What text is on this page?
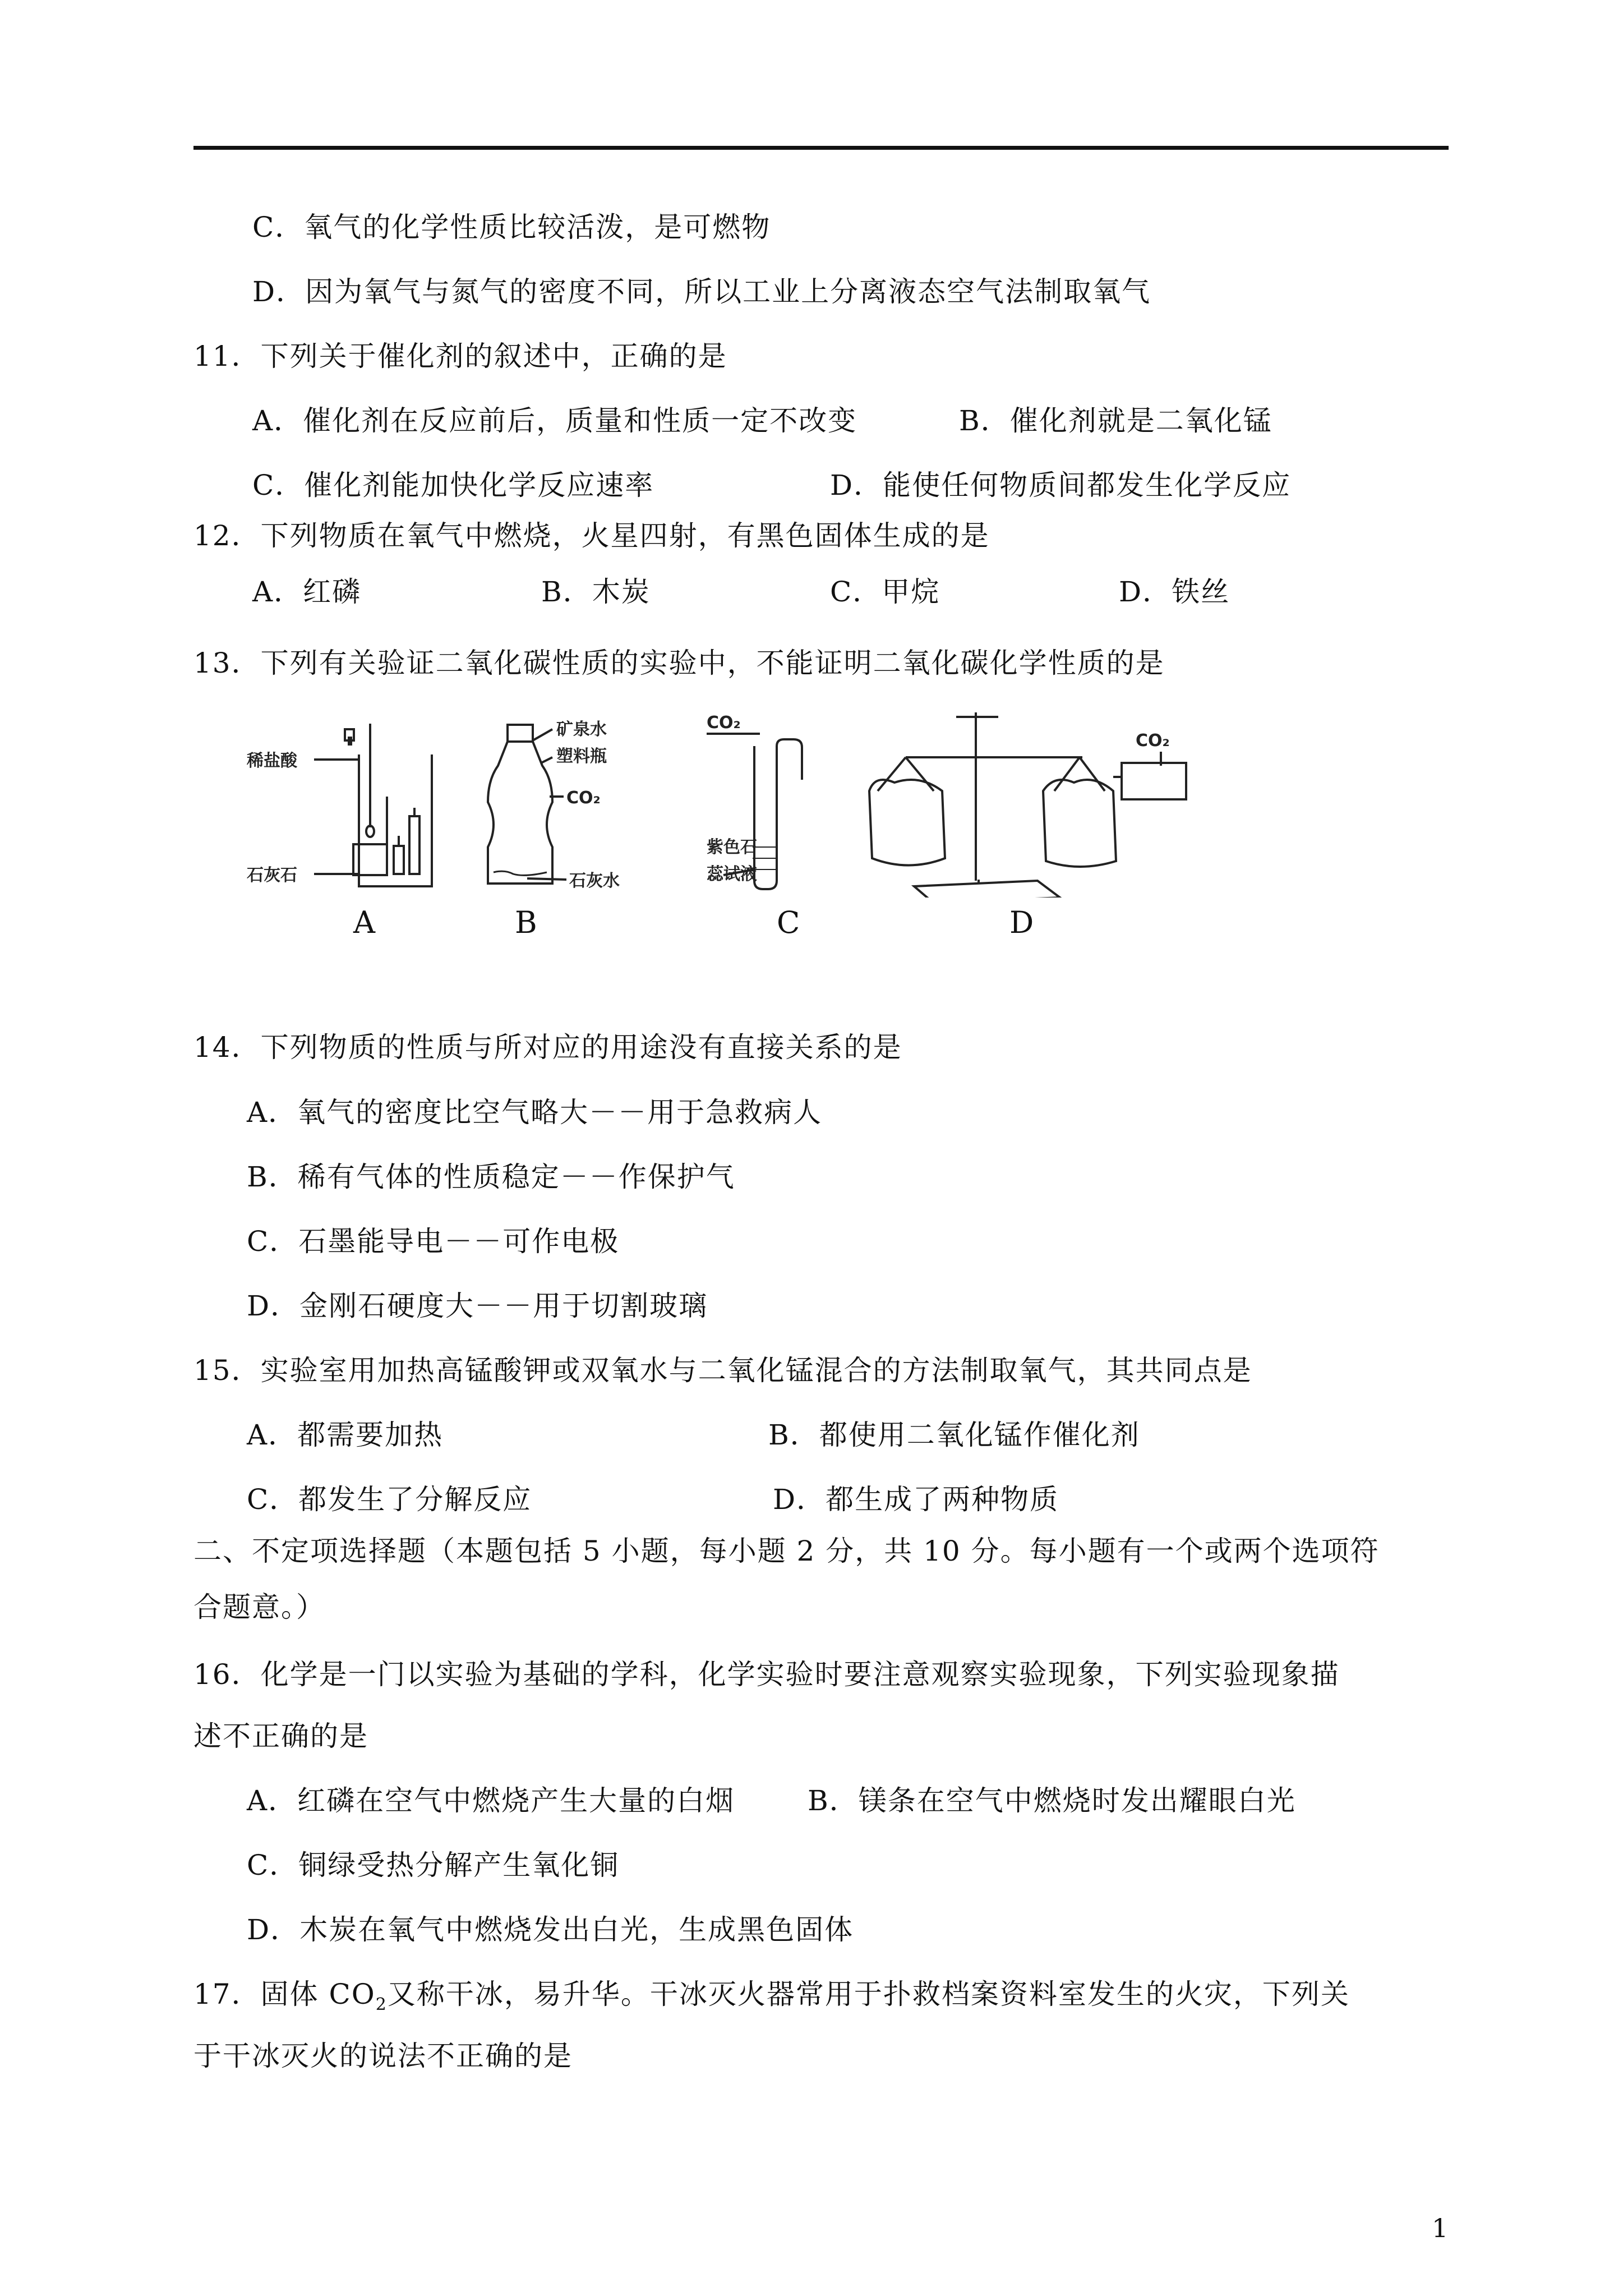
C．氧气的化学性质比较活泼，是可燃物
D．因为氧气与氮气的密度不同，所以工业上分离液态空气法制取氧气
11．下列关于催化剂的叙述中，正确的是
A．催化剂在反应前后，质量和性质一定不改变	B．催化剂就是二氧化锰
C．催化剂能加快化学反应速率	D．能使任何物质间都发生化学反应
12．下列物质在氧气中燃烧，火星四射，有黑色固体生成的是
A．红磷	B．木炭	C．甲烷	D．铁丝
13．下列有关验证二氧化碳性质的实验中，不能证明二氧化碳化学性质的是
稀盐酸
石灰石
矿泉水
塑料瓶
CO₂
石灰水
CO₂
紫色石
蕊试液
CO₂
A	B	C	D
14．下列物质的性质与所对应的用途没有直接关系的是
A．氧气的密度比空气略大－－用于急救病人
B．稀有气体的性质稳定－－作保护气
C．石墨能导电－－可作电极
D．金刚石硬度大－－用于切割玻璃
15．实验室用加热高锰酸钾或双氧水与二氧化锰混合的方法制取氧气，其共同点是
A．都需要加热	B．都使用二氧化锰作催化剂
C．都发生了分解反应	D．都生成了两种物质
二、不定项选择题（本题包括 5 小题，每小题 2 分，共 10 分。每小题有一个或两个选项符
合题意。）
16．化学是一门以实验为基础的学科，化学实验时要注意观察实验现象，下列实验现象描
述不正确的是
A．红磷在空气中燃烧产生大量的白烟	B．镁条在空气中燃烧时发出耀眼白光
C．铜绿受热分解产生氧化铜
D．木炭在氧气中燃烧发出白光，生成黑色固体
17．固体 $CO_2$又称干冰，易升华。干冰灭火器常用于扑救档案资料室发生的火灾，下列关
于干冰灭火的说法不正确的是
1
